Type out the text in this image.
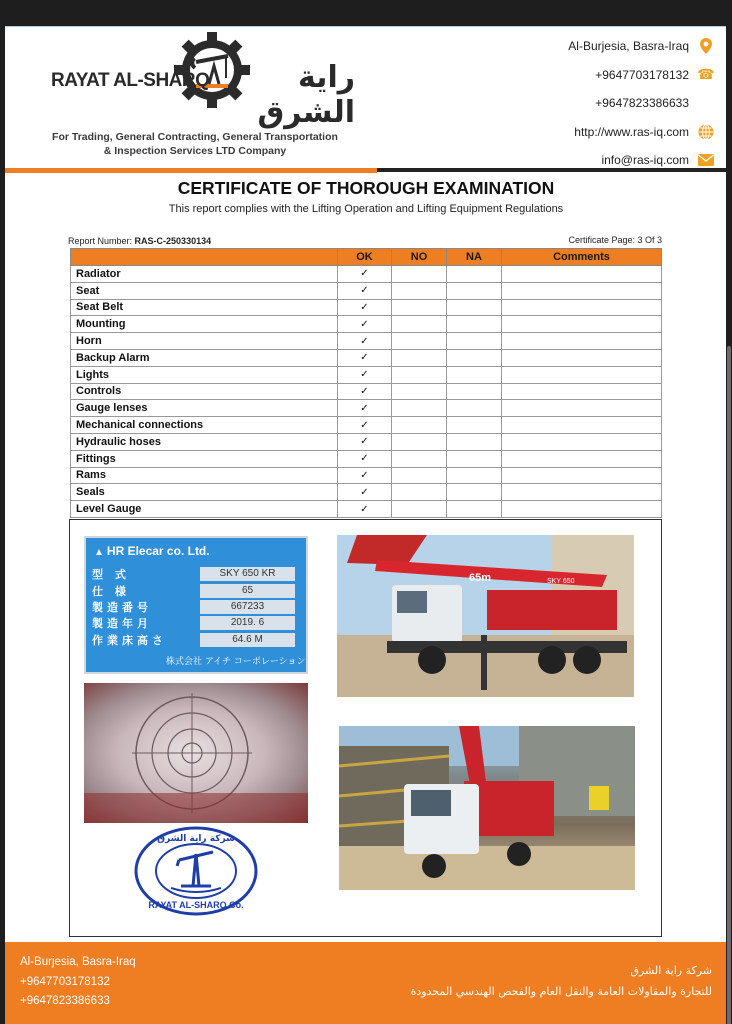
RAYAT AL-SHARQ	راية الشرق
For Trading, General Contracting, General Transportation
& Inspection Services LTD Company
Al-Burjesia, Basra-Iraq
+9647703178132 ☎
+9647823386633
http://www.ras-iq.com
info@ras-iq.com
CERTIFICATE OF THOROUGH EXAMINATION
This report complies with the Lifting Operation and Lifting Equipment Regulations
Report Number: RAS-C-250330134	Certificate Page: 3 Of 3
	OK	NO	NA	Comments
Radiator	✓			
Seat	✓			
Seat Belt	✓			
Mounting	✓			
Horn	✓			
Backup Alarm	✓			
Lights	✓			
Controls	✓			
Gauge lenses	✓			
Mechanical connections	✓			
Hydraulic hoses	✓			
Fittings	✓			
Rams	✓			
Seals	✓			
Level Gauge	✓			
▲ HR Elecar co. Ltd.
型 式	SKY 650 KR
仕 様	65
製造番号	667233
製造年月	2019. 6
作業床高さ	64.6 M
株式会社 アイチ コーポレーション
65m	SKY 650
شركة راية الشرق
RAYAT AL-SHARQ Co.
Al-Burjesia, Basra-Iraq
+9647703178132
+9647823386633
شركة راية الشرق
للتجارة والمقاولات العامة والنقل العام والفحص الهندسي المحدودة
